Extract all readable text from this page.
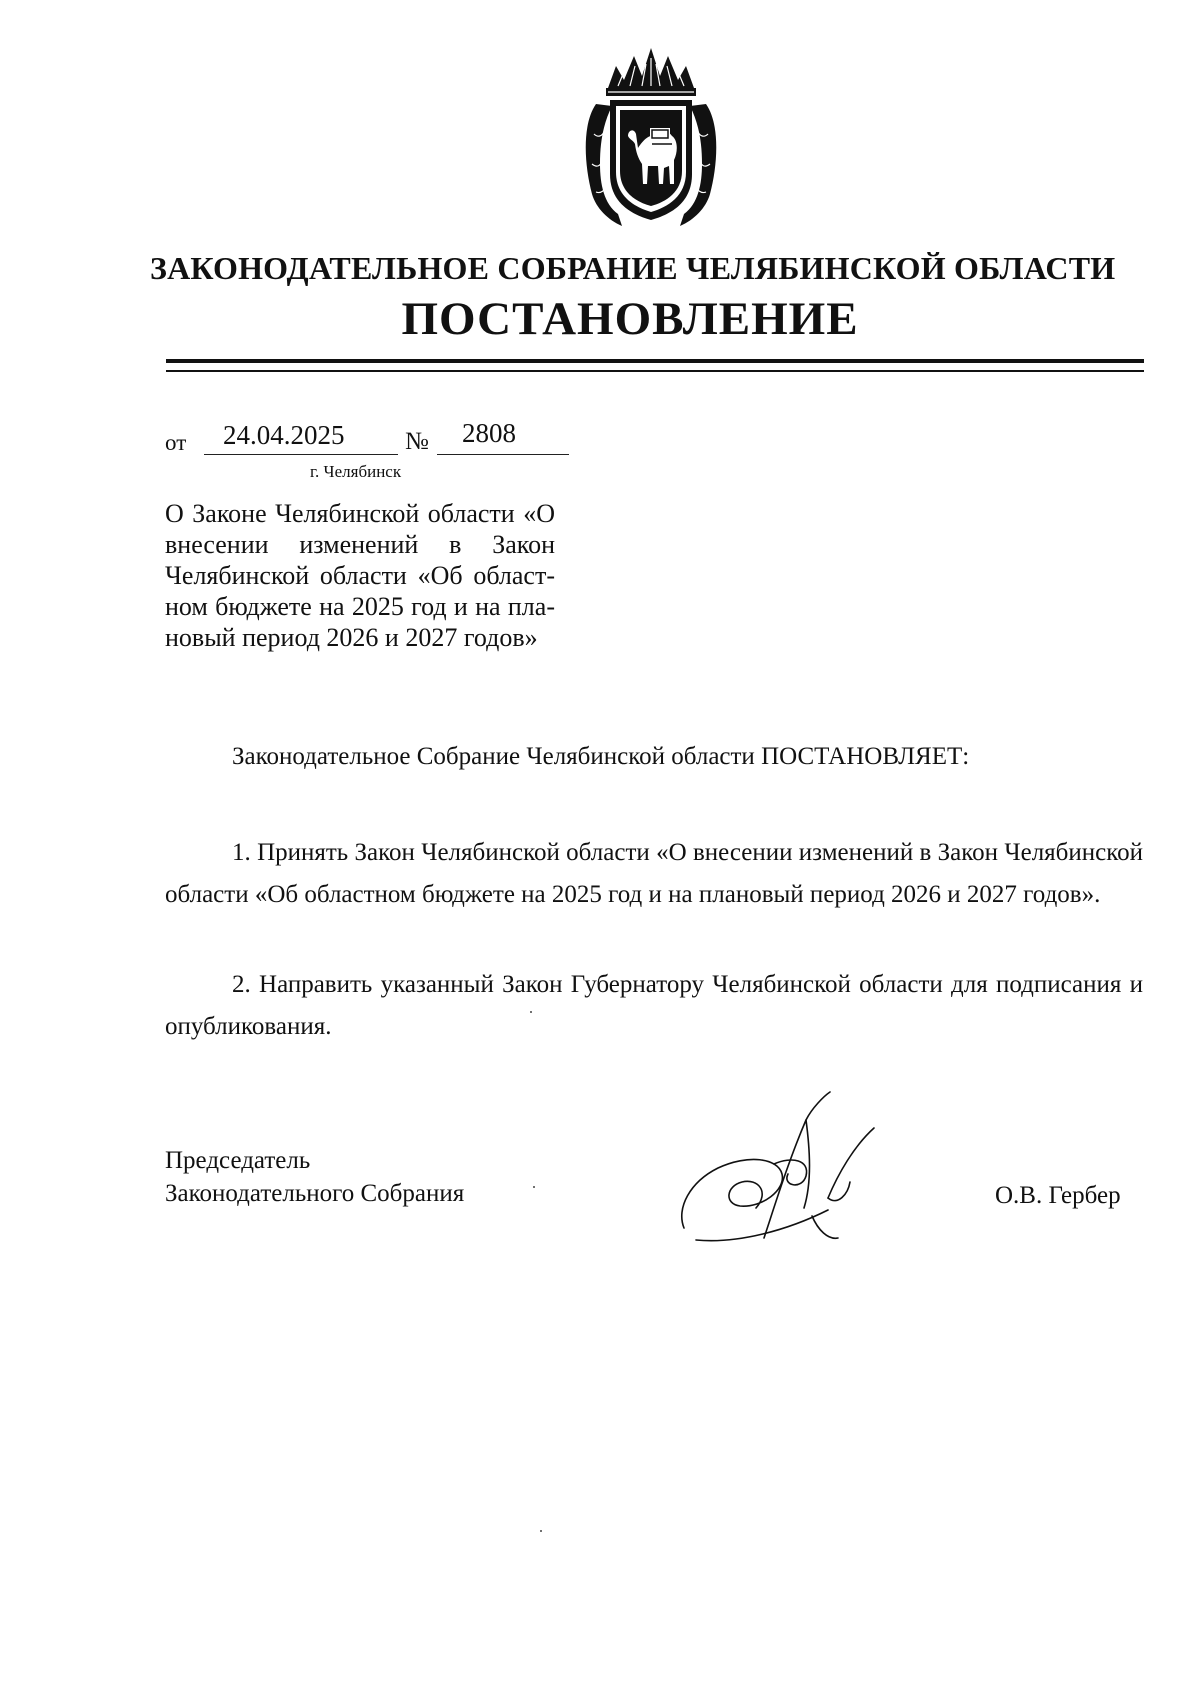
ЗАКОНОДАТЕЛЬНОЕ СОБРАНИЕ ЧЕЛЯБИНСКОЙ ОБЛАСТИ
ПОСТАНОВЛЕНИЕ
от 24.04.2025 № 2808
г. Челябинск
О Законе Челябинской области «О внесении изменений в Закон Челябинской области «Об областном бюджете на 2025 год и на плановый период 2026 и 2027 годов»
Законодательное Собрание Челябинской области ПОСТАНОВЛЯЕТ:
1. Принять Закон Челябинской области «О внесении изменений в Закон Челябинской области «Об областном бюджете на 2025 год и на плановый период 2026 и 2027 годов».
2. Направить указанный Закон Губернатору Челябинской области для подписания и опубликования.
Председатель
Законодательного Собрания	О.В. Гербер
